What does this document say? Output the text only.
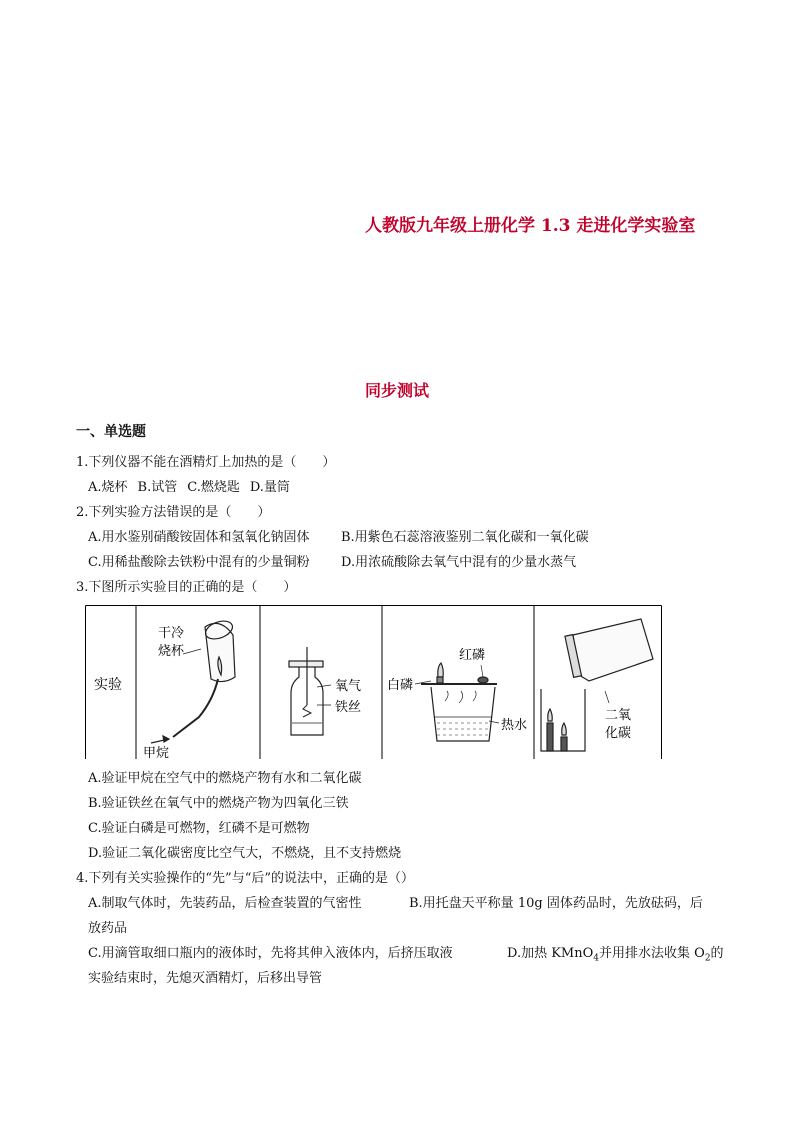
人教版九年级上册化学 1.3 走进化学实验室
同步测试
一、单选题
1.下列仪器不能在酒精灯上加热的是（　　）
A.烧杯 B.试管 C.燃烧匙 D.量筒
2.下列实验方法错误的是（　　）
A.用水鉴别硝酸铵固体和氢氧化钠固体 B.用紫色石蕊溶液鉴别二氧化碳和一氧化碳
C.用稀盐酸除去铁粉中混有的少量铜粉 D.用浓硫酸除去氧气中混有的少量水蒸气
3.下图所示实验目的正确的是（　　）
实验
干冷
烧杯
甲烷
氧气
铁丝
白磷
红磷
热水
二氧
化碳
A.验证甲烷在空气中的燃烧产物有水和二氧化碳
B.验证铁丝在氧气中的燃烧产物为四氧化三铁
C.验证白磷是可燃物，红磷不是可燃物
D.验证二氧化碳密度比空气大，不燃烧，且不支持燃烧
4.下列有关实验操作的“先”与“后”的说法中，正确的是（）
A.制取气体时，先装药品，后检查装置的气密性	B.用托盘天平称量 10g 固体药品时，先放砝码，后
放药品
C.用滴管取细口瓶内的液体时，先将其伸入液体内，后挤压取液	D.加热 KMnO$_4$并用排水法收集 $O_2$的
实验结束时，先熄灭酒精灯，后移出导管
